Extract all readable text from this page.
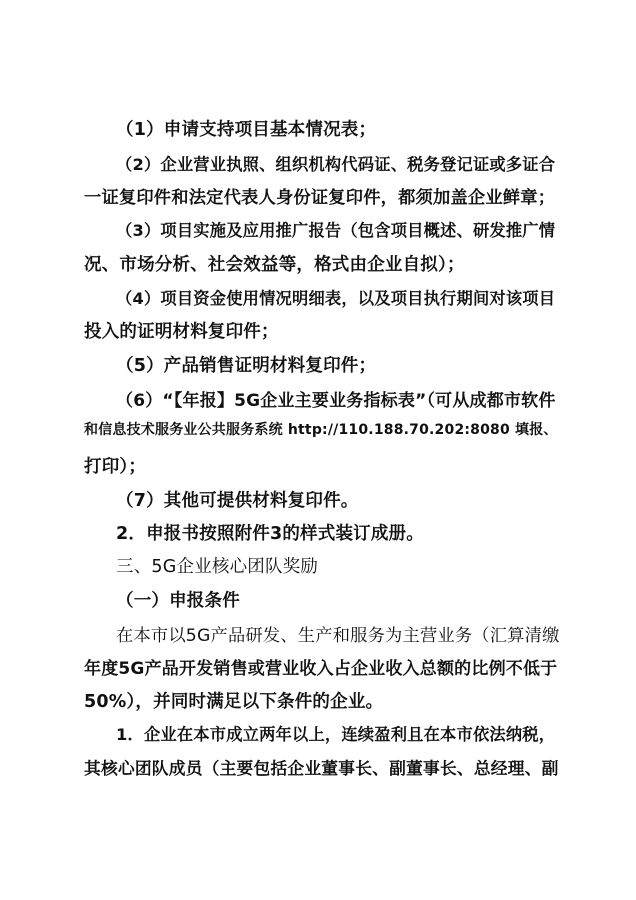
（1）申请支持项目基本情况表；
（2）企业营业执照、组织机构代码证、税务登记证或多证合
一证复印件和法定代表人身份证复印件，都须加盖企业鲜章；
（3）项目实施及应用推广报告（包含项目概述、研发推广情
况、市场分析、社会效益等，格式由企业自拟）；
（4）项目资金使用情况明细表，以及项目执行期间对该项目
投入的证明材料复印件；
（5）产品销售证明材料复印件；
（6）“【年报】5G企业主要业务指标表”（可从成都市软件
和信息技术服务业公共服务系统 http://110.188.70.202:8080 填报、
打印）；
（7）其他可提供材料复印件。
2．申报书按照附件3的样式装订成册。
三、5G企业核心团队奖励
（一）申报条件
在本市以5G产品研发、生产和服务为主营业务（汇算清缴
年度5G产品开发销售或营业收入占企业收入总额的比例不低于
50%），并同时满足以下条件的企业。
1．企业在本市成立两年以上，连续盈利且在本市依法纳税，
其核心团队成员（主要包括企业董事长、副董事长、总经理、副
